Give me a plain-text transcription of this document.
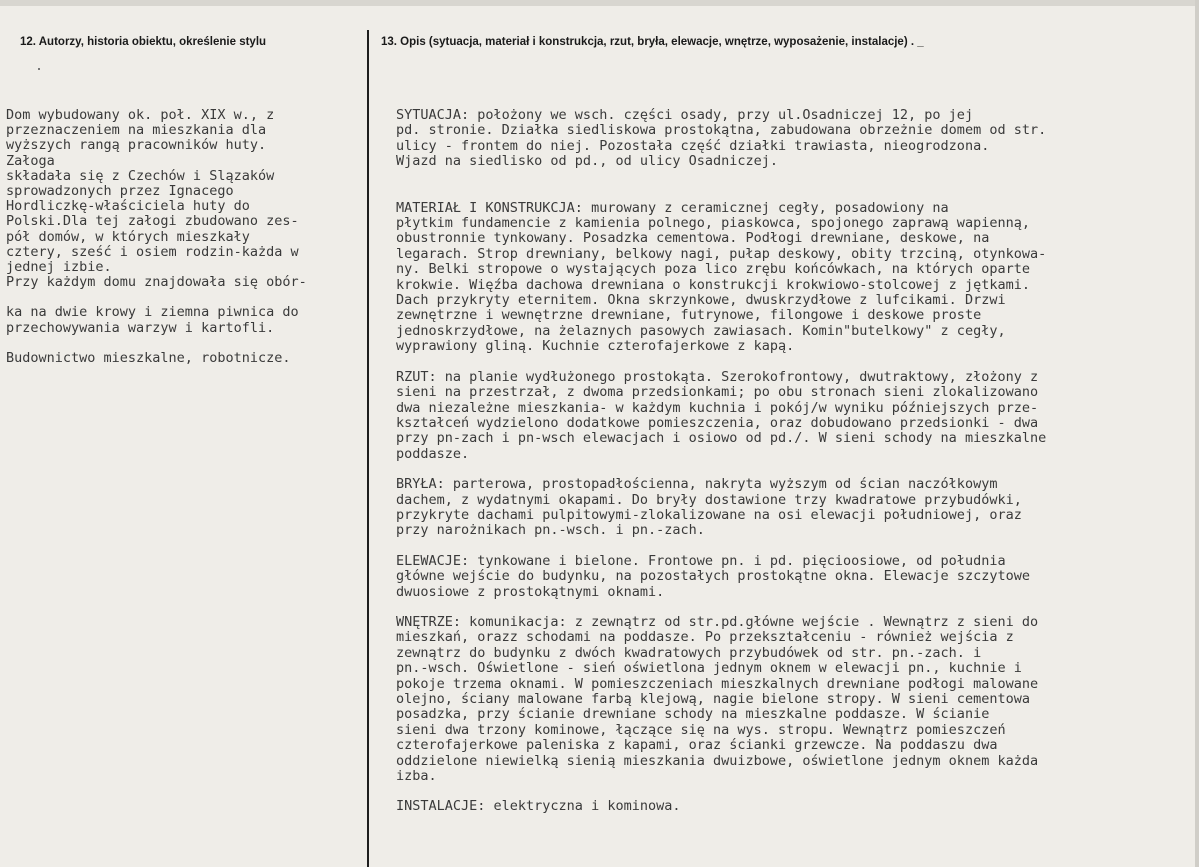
12. Autorzy, historia obiektu, określenie stylu	13. Opis (sytuacja, materiał i konstrukcja, rzut, bryła, elewacje, wnętrze, wyposażenie, instalacje) . _
Dom wybudowany ok. poł. XIX w., z
przeznaczeniem na mieszkania dla
wyższych rangą pracowników huty.
Załoga
składała się z Czechów i Ślązaków
sprowadzonych przez Ignacego
Hordliczkę-właściciela huty do
Polski.Dla tej załogi zbudowano zes-
pół domów, w których mieszkały
cztery, sześć i osiem rodzin-każda w
jednej izbie.
Przy każdym domu znajdowała się obór-
ka na dwie krowy i ziemna piwnica do
przechowywania warzyw i kartofli.
Budownictwo mieszkalne, robotnicze.
SYTUACJA: położony we wsch. części osady, przy ul.Osadniczej 12, po jej
pd. stronie. Działka siedliskowa prostokątna, zabudowana obrzeżnie domem od str.
ulicy - frontem do niej. Pozostała część działki trawiasta, nieogrodzona.
Wjazd na siedlisko od pd., od ulicy Osadniczej.
MATERIAŁ I KONSTRUKCJA: murowany z ceramicznej cegły, posadowiony na
płytkim fundamencie z kamienia polnego, piaskowca, spojonego zaprawą wapienną,
obustronnie tynkowany. Posadzka cementowa. Podłogi drewniane, deskowe, na
legarach. Strop drewniany, belkowy nagi, pułap deskowy, obity trzciną, otynkowa-
ny. Belki stropowe o wystających poza lico zrębu końcówkach, na których oparte
krokwie. Więźba dachowa drewniana o konstrukcji krokwiowo-stolcowej z jętkami.
Dach przykryty eternitem. Okna skrzynkowe, dwuskrzydłowe z lufcikami. Drzwi
zewnętrzne i wewnętrzne drewniane, futrynowe, filongowe i deskowe proste
jednoskrzydłowe, na żelaznych pasowych zawiasach. Komin"butelkowy" z cegły,
wyprawiony gliną. Kuchnie czterofajerkowe z kapą.
RZUT: na planie wydłużonego prostokąta. Szerokofrontowy, dwutraktowy, złożony z
sieni na przestrzał, z dwoma przedsionkami; po obu stronach sieni zlokalizowano
dwa niezależne mieszkania- w każdym kuchnia i pokój/w wyniku późniejszych prze-
kształceń wydzielono dodatkowe pomieszczenia, oraz dobudowano przedsionki - dwa
przy pn-zach i pn-wsch elewacjach i osiowo od pd./. W sieni schody na mieszkalne
poddasze.
BRYŁA: parterowa, prostopadłościenna, nakryta wyższym od ścian naczółkowym
dachem, z wydatnymi okapami. Do bryły dostawione trzy kwadratowe przybudówki,
przykryte dachami pulpitowymi-zlokalizowane na osi elewacji południowej, oraz
przy narożnikach pn.-wsch. i pn.-zach.
ELEWACJE: tynkowane i bielone. Frontowe pn. i pd. pięcioosiowe, od południa
główne wejście do budynku, na pozostałych prostokątne okna. Elewacje szczytowe
dwuosiowe z prostokątnymi oknami.
WNĘTRZE: komunikacja: z zewnątrz od str.pd.główne wejście . Wewnątrz z sieni do
mieszkań, orazz schodami na poddasze. Po przekształceniu - również wejścia z
zewnątrz do budynku z dwóch kwadratowych przybudówek od str. pn.-zach. i
pn.-wsch. Oświetlone - sień oświetlona jednym oknem w elewacji pn., kuchnie i
pokoje trzema oknami. W pomieszczeniach mieszkalnych drewniane podłogi malowane
olejno, ściany malowane farbą klejową, nagie bielone stropy. W sieni cementowa
posadzka, przy ścianie drewniane schody na mieszkalne poddasze. W ścianie
sieni dwa trzony kominowe, łączące się na wys. stropu. Wewnątrz pomieszczeń
czterofajerkowe paleniska z kapami, oraz ścianki grzewcze. Na poddaszu dwa
oddzielone niewielką sienią mieszkania dwuizbowe, oświetlone jednym oknem każda
izba.
INSTALACJE: elektryczna i kominowa.
